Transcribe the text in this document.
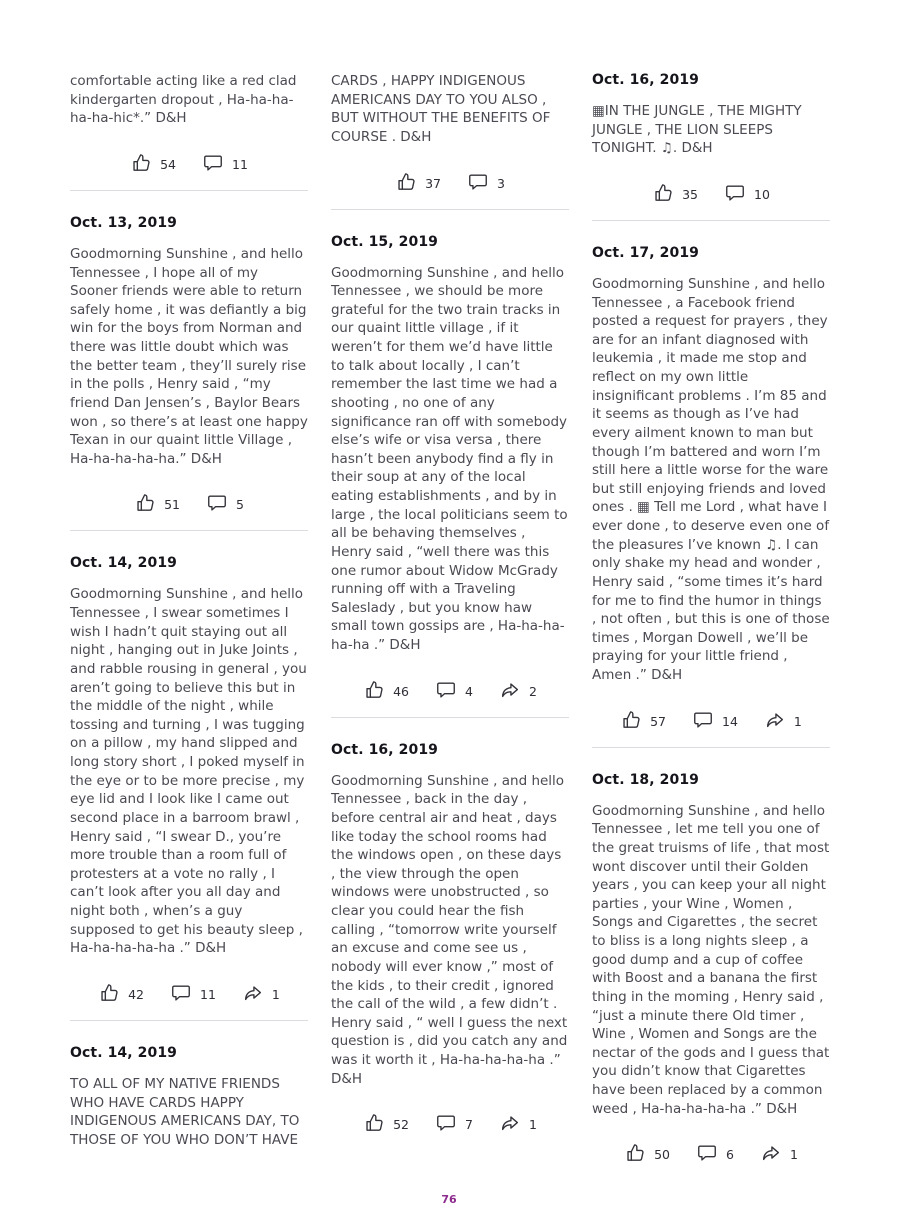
comfortable acting like a red clad kindergarten dropout , Ha-ha-ha-ha-ha-hic*.” D&H

54	11
Oct. 13, 2019

Goodmorning Sunshine , and hello Tennessee , I hope all of my Sooner friends were able to return safely home , it was defiantly a big win for the boys from Norman and there was little doubt which was the better team , they’ll surely rise in the polls , Henry said , “my friend Dan Jensen’s , Baylor Bears won , so there’s at least one happy Texan in our quaint little Village , Ha-ha-ha-ha-ha.” D&H

51	5
Oct. 14, 2019

Goodmorning Sunshine , and hello Tennessee , I swear sometimes I wish I hadn’t quit staying out all night , hanging out in Juke Joints , and rabble rousing in general , you aren’t going to believe this but in the middle of the night , while tossing and turning , I was tugging on a pillow , my hand slipped and long story short , I poked myself in the eye or to be more precise , my eye lid and I look like I came out second place in a barroom brawl , Henry said , “I swear D., you’re more trouble than a room full of protesters at a vote no rally , I can’t look after you all day and night both , when’s a guy supposed to get his beauty sleep , Ha-ha-ha-ha-ha .” D&H

42	11	1
Oct. 14, 2019

TO ALL OF MY NATIVE FRIENDS WHO HAVE CARDS HAPPY INDIGENOUS AMERICANS DAY, TO THOSE OF YOU WHO DON’T HAVE

CARDS , HAPPY INDIGENOUS AMERICANS DAY TO YOU ALSO , BUT WITHOUT THE BENEFITS OF COURSE . D&H

37	3
Oct. 15, 2019

Goodmorning Sunshine , and hello Tennessee , we should be more grateful for the two train tracks in our quaint little village , if it weren’t for them we’d have little to talk about locally , I can’t remember the last time we had a shooting , no one of any significance ran off with somebody else’s wife or visa versa , there hasn’t been anybody find a fly in their soup at any of the local eating establishments , and by in large , the local politicians seem to all be behaving themselves , Henry said , “well there was this one rumor about Widow McGrady running off with a Traveling Saleslady , but you know haw small town gossips are , Ha-ha-ha-ha-ha .” D&H

46	4	2
Oct. 16, 2019

Goodmorning Sunshine , and hello Tennessee , back in the day , before central air and heat , days like today the school rooms had the windows open , on these days , the view through the open windows were unobstructed , so clear you could hear the fish calling , “tomorrow write yourself an excuse and come see us , nobody will ever know ,” most of the kids , to their credit , ignored the call of the wild , a few didn’t . Henry said , “ well I guess the next question is , did you catch any and was it worth it , Ha-ha-ha-ha-ha .” D&H

52	7	1
Oct. 16, 2019

▦IN THE JUNGLE , THE MIGHTY JUNGLE , THE LION SLEEPS TONIGHT. ♫. D&H

35	10
Oct. 17, 2019

Goodmorning Sunshine , and hello Tennessee , a Facebook friend posted a request for prayers , they are for an infant diagnosed with leukemia , it made me stop and reflect on my own little insignificant problems . I’m 85 and it seems as though as I’ve had every ailment known to man but though I’m battered and worn I’m still here a little worse for the ware but still enjoying friends and loved ones . ▦ Tell me Lord , what have I ever done , to deserve even one of the pleasures I’ve known ♫. I can only shake my head and wonder , Henry said , “some times it’s hard for me to find the humor in things , not often , but this is one of those times , Morgan Dowell , we’ll be praying for your little friend , Amen .” D&H

57	14	1
Oct. 18, 2019

Goodmorning Sunshine , and hello Tennessee , let me tell you one of the great truisms of life , that most wont discover until their Golden years , you can keep your all night parties , your Wine , Women , Songs and Cigarettes , the secret to bliss is a long nights sleep , a good dump and a cup of coffee with Boost and a banana the first thing in the moming , Henry said , “just a minute there Old timer , Wine , Women and Songs are the nectar of the gods and I guess that you didn’t know that Cigarettes have been replaced by a common weed , Ha-ha-ha-ha-ha .” D&H

50	6	1
76
